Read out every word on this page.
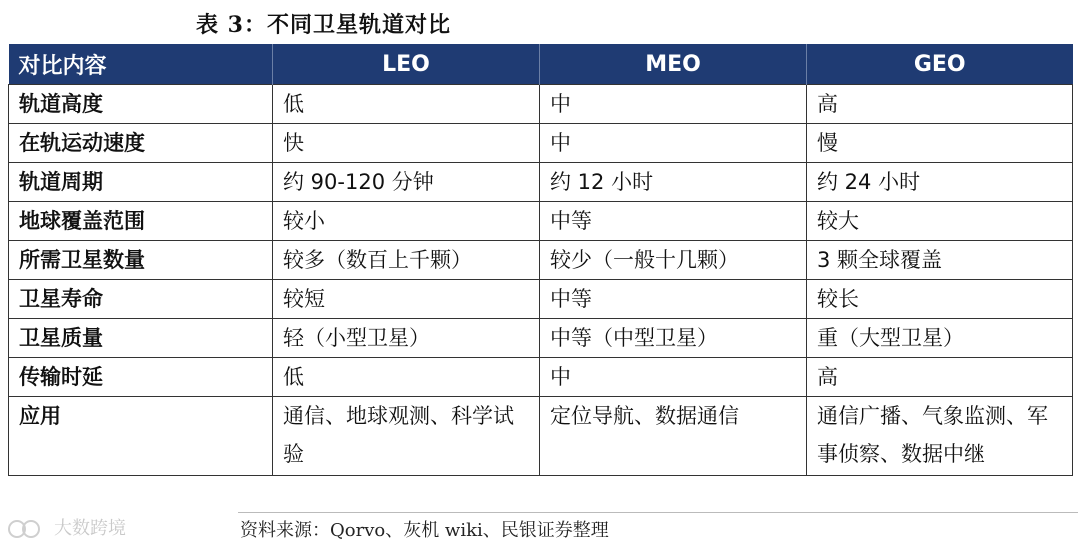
表 3：不同卫星轨道对比
对比内容	LEO	MEO	GEO
轨道高度	低	中	高
在轨运动速度	快	中	慢
轨道周期	约 90-120 分钟	约 12 小时	约 24 小时
地球覆盖范围	较小	中等	较大
所需卫星数量	较多（数百上千颗）	较少（一般十几颗）	3 颗全球覆盖
卫星寿命	较短	中等	较长
卫星质量	轻（小型卫星）	中等（中型卫星）	重（大型卫星）
传输时延	低	中	高
应用	通信、地球观测、科学试验	定位导航、数据通信	通信广播、气象监测、军事侦察、数据中继
大数跨境	资料来源：Qorvo、灰机 wiki、民银证券整理
